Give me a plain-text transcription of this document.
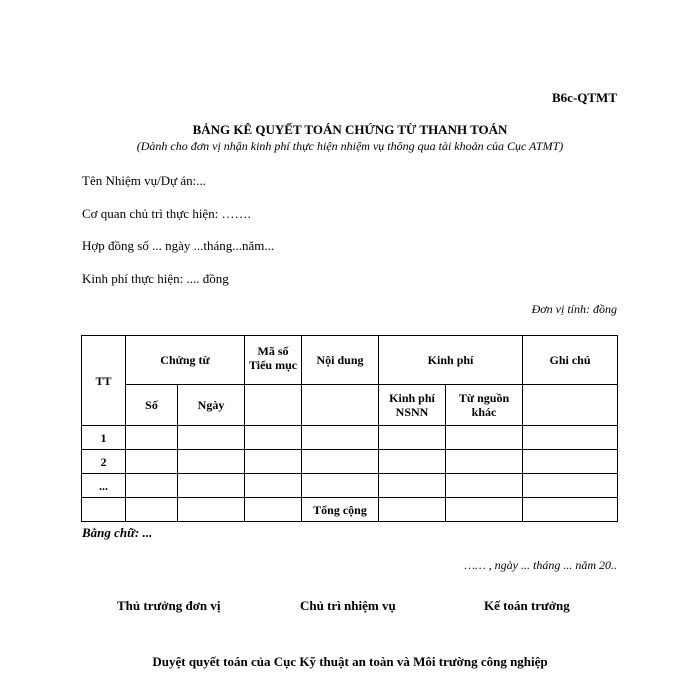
B6c-QTMT
BẢNG KÊ QUYẾT TOÁN CHỨNG TỪ THANH TOÁN
(Dành cho đơn vị nhận kinh phí thực hiện nhiệm vụ thông qua tài khoản của Cục ATMT)
Tên Nhiệm vụ/Dự án:...
Cơ quan chủ trì thực hiện: …….
Hợp đồng số ... ngày ...tháng...năm...
Kinh phí thực hiện: .... đồng
Đơn vị tính: đồng
TT	Chứng từ		Mã số Tiểu mục	Nội dung	Kinh phí		Ghi chú
	Số	Ngày			Kinh phí NSNN	Từ nguồn khác	
1							
2							
...							
				Tổng cộng			
Bằng chữ: ...
…… , ngày ... tháng ... năm 20..
Thủ trưởng đơn vị	Chủ trì nhiệm vụ	Kế toán trưởng
Duyệt quyết toán của Cục Kỹ thuật an toàn và Môi trường công nghiệp
